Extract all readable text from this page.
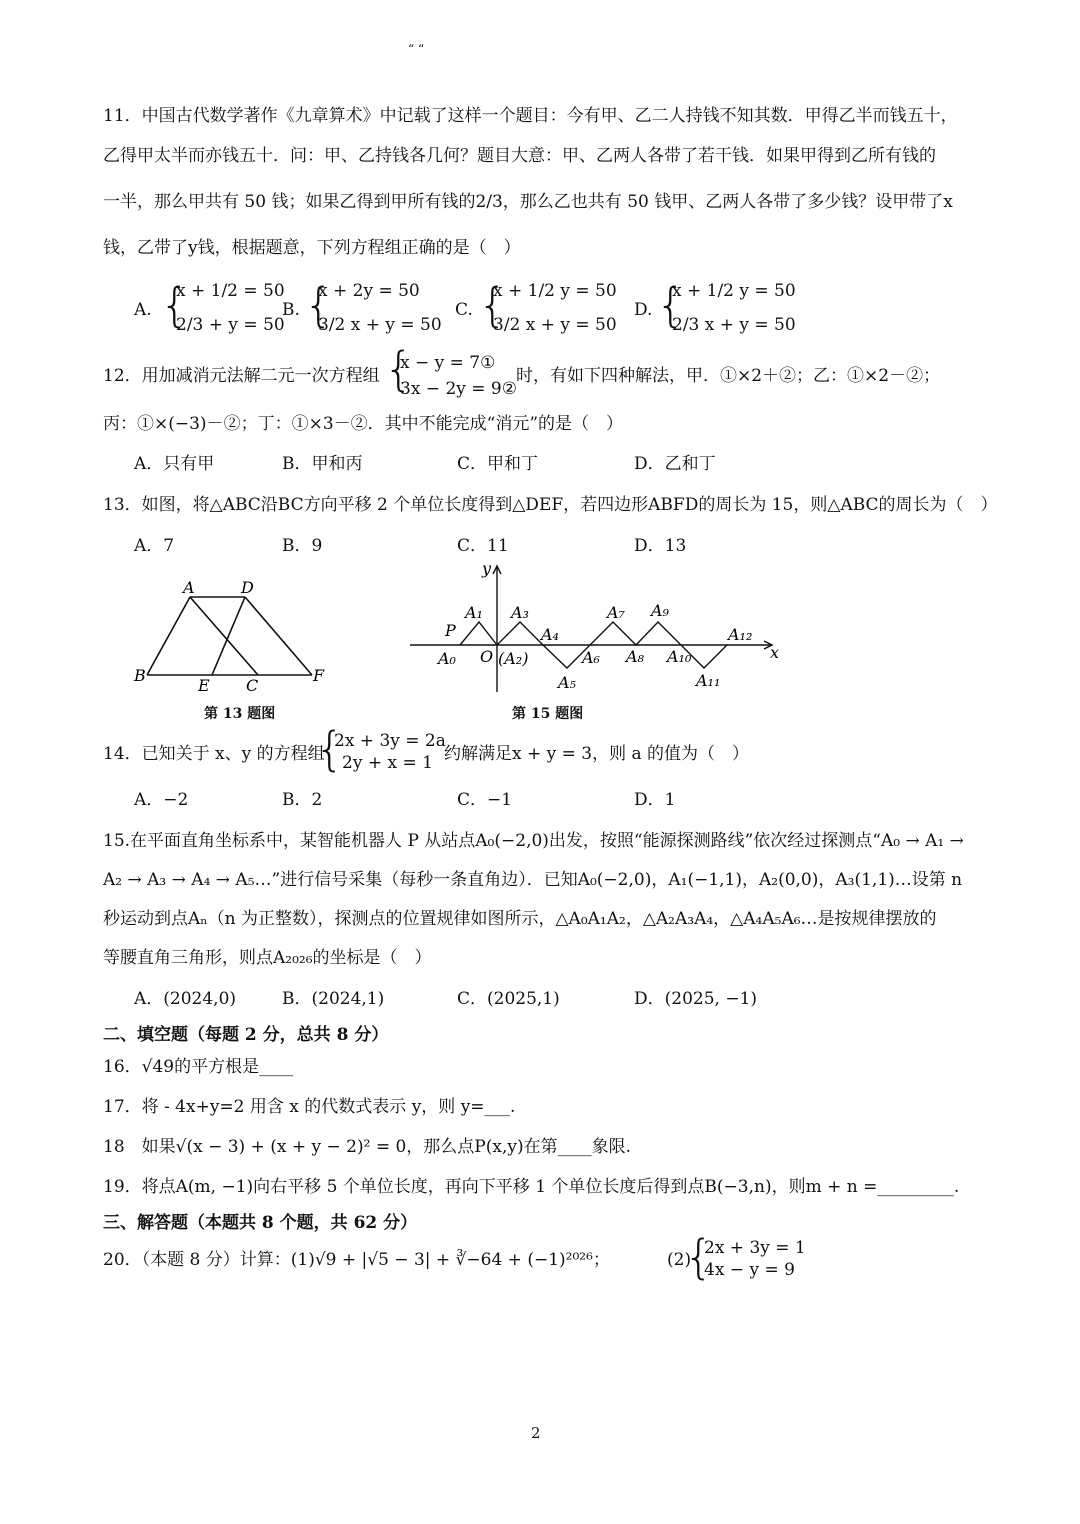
“ “
11．中国古代数学著作《九章算术》中记载了这样一个题目：今有甲、乙二人持钱不知其数．甲得乙半而钱五十，
乙得甲太半而亦钱五十．问：甲、乙持钱各几何？题目大意：甲、乙两人各带了若干钱．如果甲得到乙所有钱的
一半，那么甲共有 50 钱；如果乙得到甲所有钱的2/3，那么乙也共有 50 钱甲、乙两人各带了多少钱？设甲带了x
钱，乙带了y钱，根据题意，下列方程组正确的是（　）
A. {
x + 1/2 = 50
2/3 + y = 50
B. {
x + 2y = 50
3/2 x + y = 50
C. {
x + 1/2 y = 50
3/2 x + y = 50
D. {
x + 1/2 y = 50
2/3 x + y = 50
12．用加减消元法解二元一次方程组 {
x − y = 7①
3x − 2y = 9②
时，有如下四种解法，甲．①×2＋②；乙：①×2－②；
丙：①×(−3)－②；丁：①×3－②．其中不能完成“消元”的是（　）
A．只有甲	B．甲和丙	C．甲和丁	D．乙和丁
13．如图，将△ABC沿BC方向平移 2 个单位长度得到△DEF，若四边形ABFD的周长为 15，则△ABC的周长为（　）
A．7	B．9	C．11	D．13
A	D
B
E C
F
第 13 题图
y
x
P
O
A₀
A₁
(A₂)
A₃
A₄
A₅
A₆
A₇
A₈
A₉
A₁₀
A₁₁
A₁₂
第 15 题图
14．已知关于 x、y 的方程组
{
2x + 3y = 2a
2y + x = 1 约解满足x + y = 3，则 a 的值为（　）
A．−2	B．2	C．−1	D．1
15.在平面直角坐标系中，某智能机器人 P 从站点A₀(−2,0)出发，按照“能源探测路线”依次经过探测点“A₀ → A₁ →
A₂ → A₃ → A₄ → A₅…”进行信号采集（每秒一条直角边）．已知A₀(−2,0)，A₁(−1,1)，A₂(0,0)，A₃(1,1)…设第 n
秒运动到点Aₙ（n 为正整数），探测点的位置规律如图所示，△A₀A₁A₂，△A₂A₃A₄，△A₄A₅A₆…是按规律摆放的
等腰直角三角形，则点A₂₀₂₆的坐标是（　）
A．(2024,0)	B．(2024,1)	C．(2025,1)	D．(2025, −1)
二、填空题（每题 2 分，总共 8 分）
16．√49的平方根是____
17．将 - 4x+y=2 用含 x 的代数式表示 y，则 y=___.
18　如果√(x − 3) + (x + y − 2)² = 0，那么点P(x,y)在第____象限.
19．将点A(m, −1)向右平移 5 个单位长度，再向下平移 1 个单位长度后得到点B(−3,n)，则m + n =_________.
三、解答题（本题共 8 个题，共 62 分）
20．（本题 8 分）计算：(1)√9 + |√5 − 3| + ∛−64 + (−1)²⁰²⁶；	(2)
{
2x + 3y = 1
4x − y = 9
2
